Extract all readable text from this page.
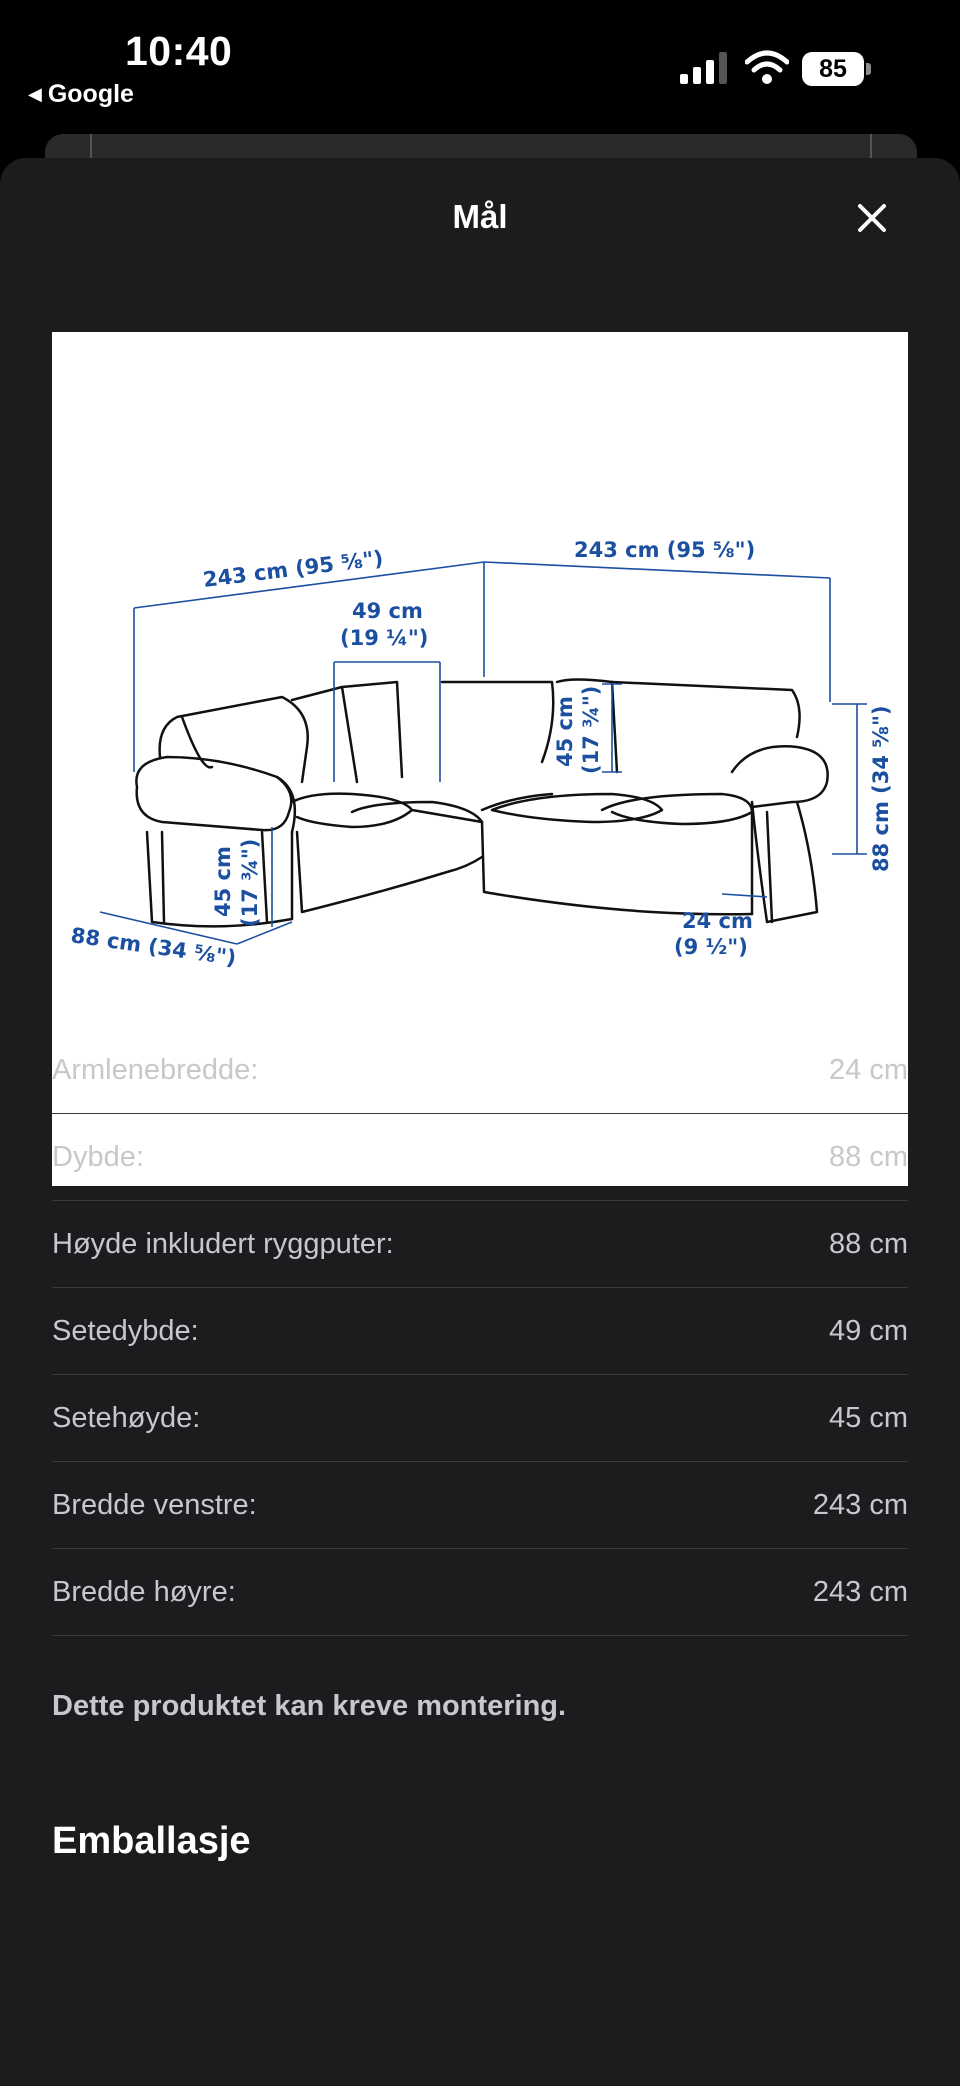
10:40
◀ Google
85
Mål
243 cm (95 ⅝")	243 cm (95 ⅝")
49 cm
(19 ¼")
45 cm (17 ¾")	88 cm (34 ⅝")
45 cm (17 ¾")
88 cm (34 ⅝")
24 cm
(9 ½")
Armlenebredde:	24 cm
Dybde:	88 cm
Høyde inkludert ryggputer:	88 cm
Setedybde:	49 cm
Setehøyde:	45 cm
Bredde venstre:	243 cm
Bredde høyre:	243 cm
Dette produktet kan kreve montering.
Emballasje
